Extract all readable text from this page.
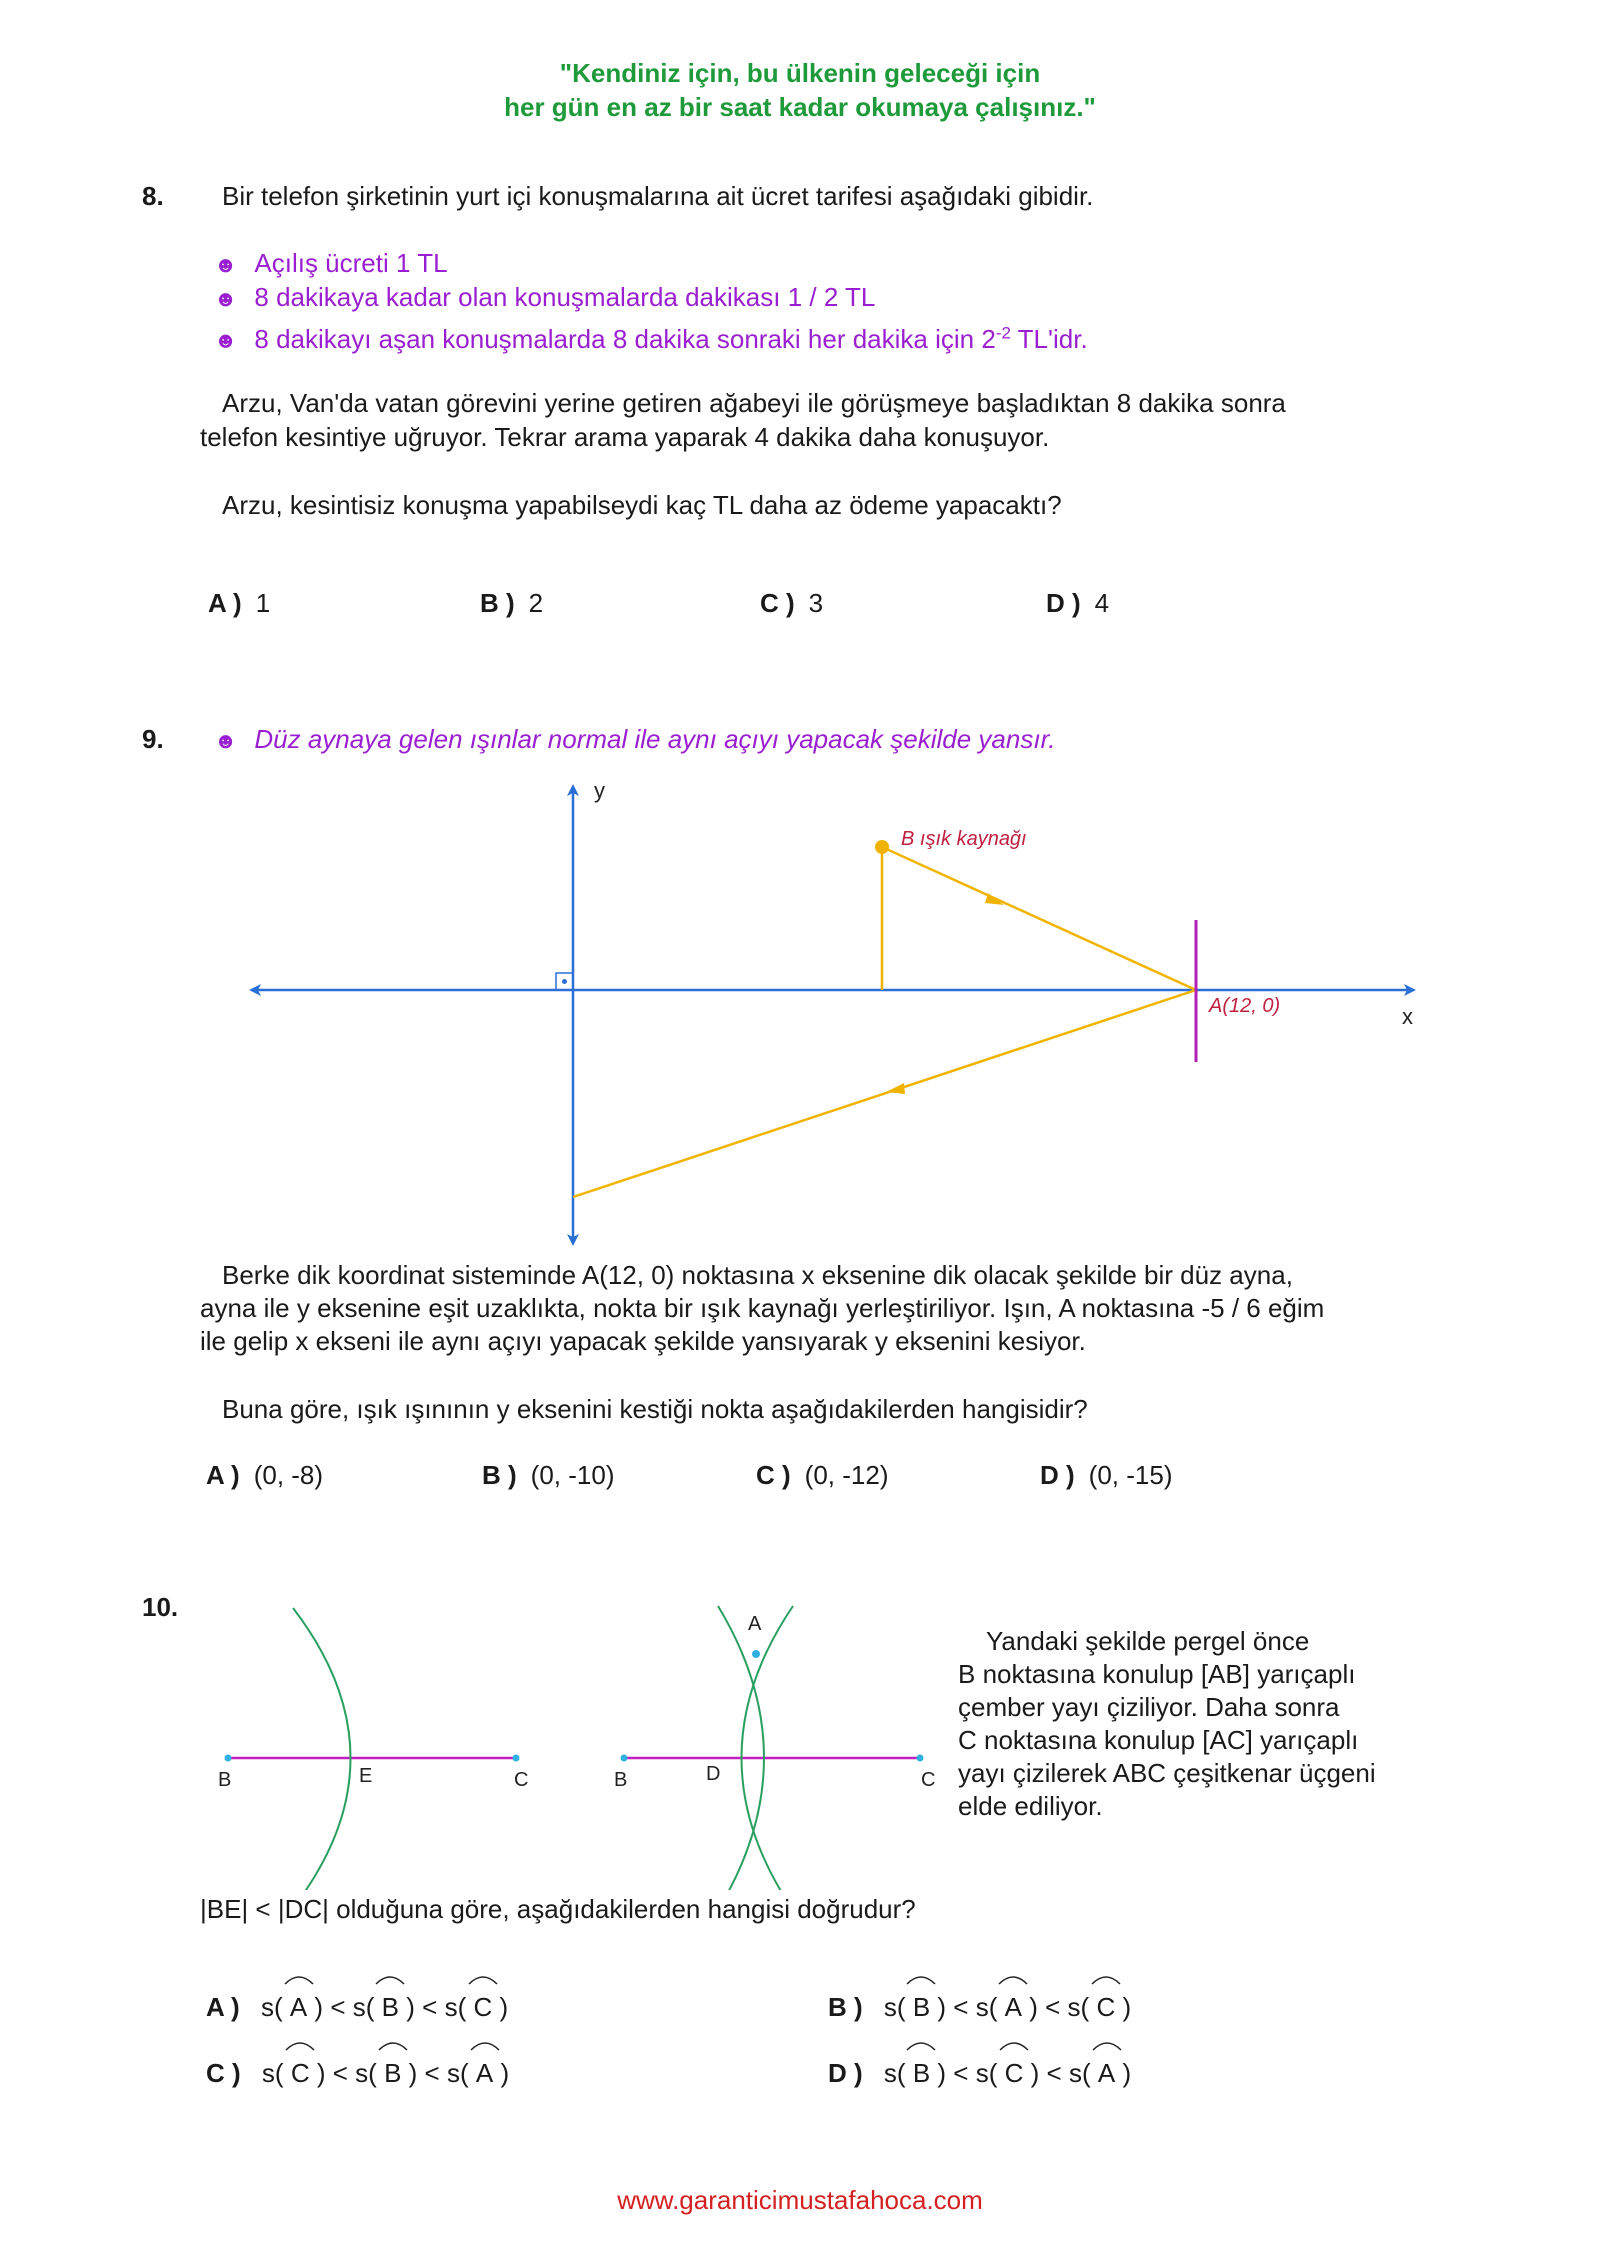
"Kendiniz için, bu ülkenin geleceği için
her gün en az bir saat kadar okumaya çalışınız."
8. Bir telefon şirketinin yurt içi konuşmalarına ait ücret tarifesi aşağıdaki gibidir.
☻ Açılış ücreti 1 TL
☻ 8 dakikaya kadar olan konuşmalarda dakikası 1 / 2 TL
☻ 8 dakikayı aşan konuşmalarda 8 dakika sonraki her dakika için $2^{-2}$ TL'idr.
Arzu, Van'da vatan görevini yerine getiren ağabeyi ile görüşmeye başladıktan 8 dakika sonra
telefon kesintiye uğruyor. Tekrar arama yaparak 4 dakika daha konuşuyor.
Arzu, kesintisiz konuşma yapabilseydi kaç TL daha az ödeme yapacaktı?
A ) 1	B ) 2	C ) 3	D ) 4
9. ☻ Düz aynaya gelen ışınlar normal ile aynı açıyı yapacak şekilde yansır.
y
x
B ışık kaynağı
A(12, 0)
Berke dik koordinat sisteminde A(12, 0) noktasına x eksenine dik olacak şekilde bir düz ayna,
ayna ile y eksenine eşit uzaklıkta, nokta bir ışık kaynağı yerleştiriliyor. Işın, A noktasına -5 / 6 eğim
ile gelip x ekseni ile aynı açıyı yapacak şekilde yansıyarak y eksenini kesiyor.
Buna göre, ışık ışınının y eksenini kestiği nokta aşağıdakilerden hangisidir?
A ) (0, -8)	B ) (0, -10)	C ) (0, -12)	D ) (0, -15)
10.
B	E	C
A
B	D	C
Yandaki şekilde pergel önce
B noktasına konulup [AB] yarıçaplı
çember yayı çiziliyor. Daha sonra
C noktasına konulup [AC] yarıçaplı
yayı çizilerek ABC çeşitkenar üçgeni
elde ediliyor.
|BE| < |DC| olduğuna göre, aşağıdakilerden hangisi doğrudur?
A ) s( A ) < s( B ) < s( C )	B ) s( B ) < s( A ) < s( C )
C ) s( C ) < s( B ) < s( A )	D ) s( B ) < s( C ) < s( A )
www.garanticimustafahoca.com
